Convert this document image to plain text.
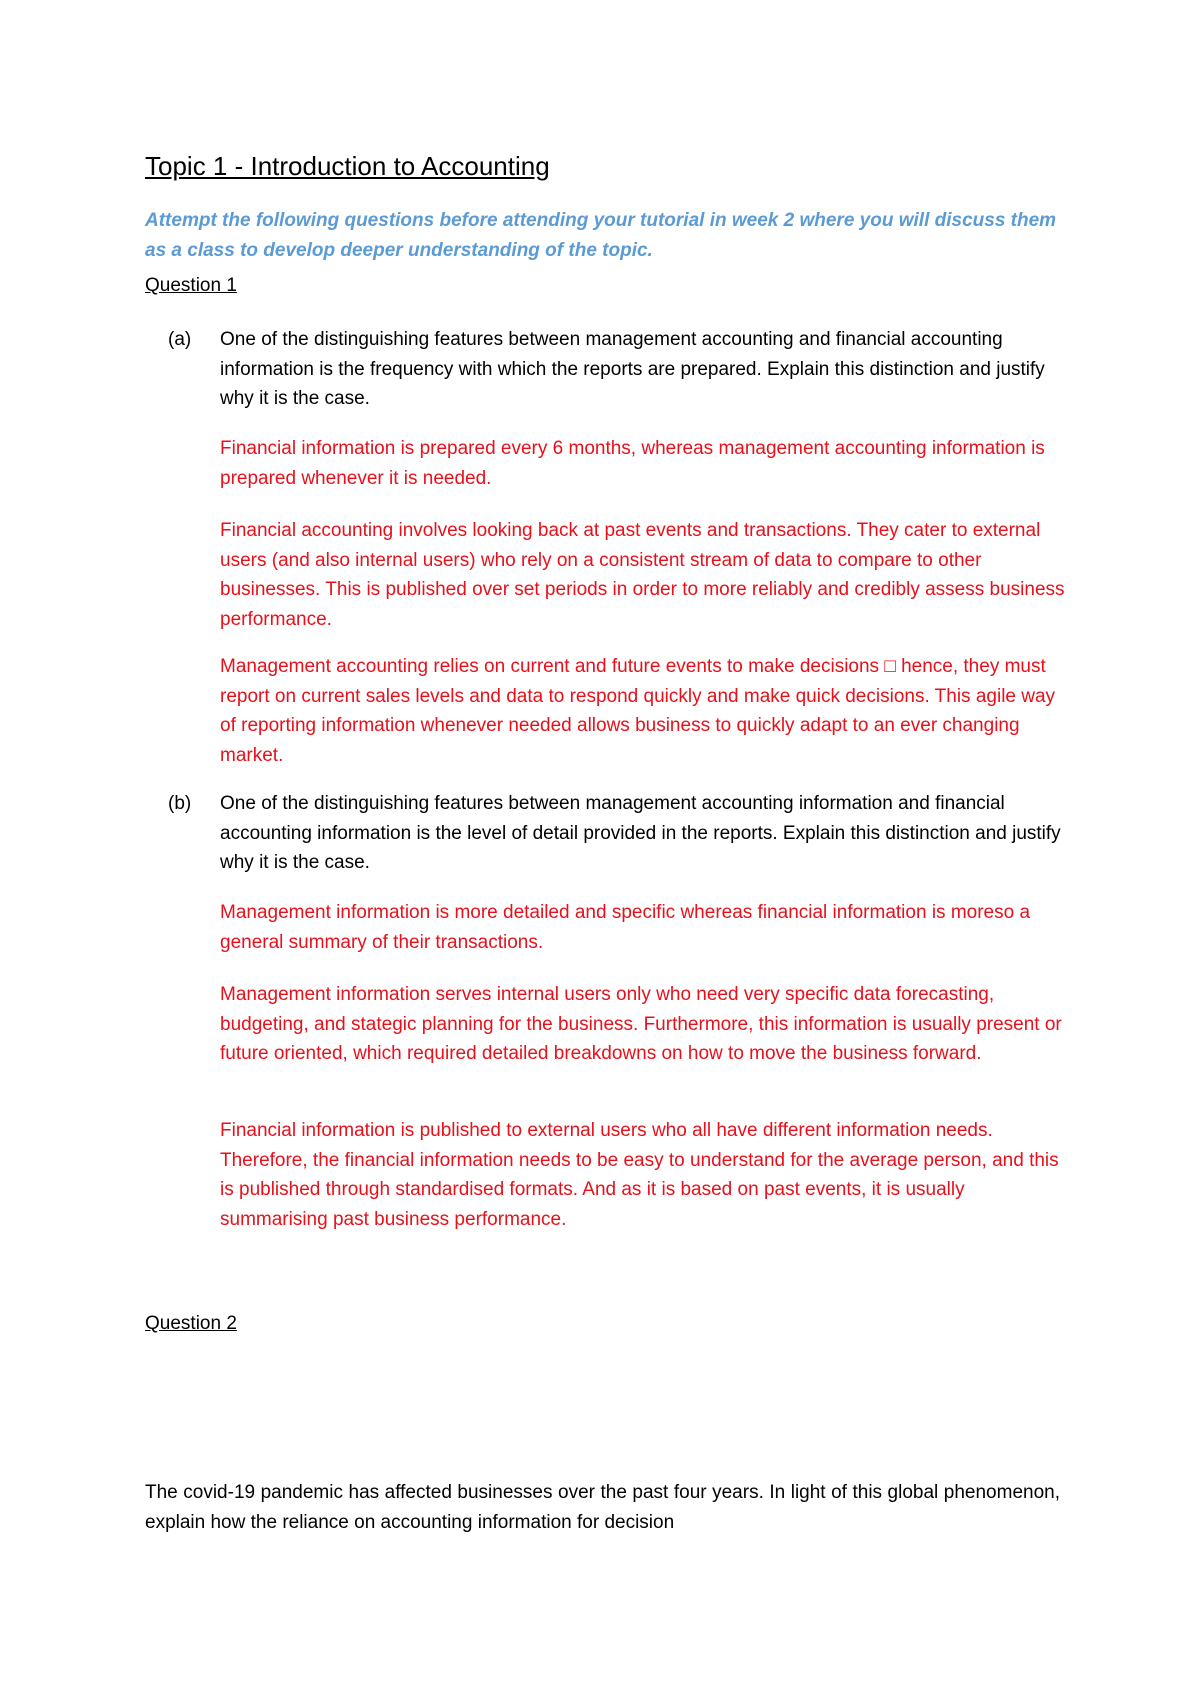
Topic 1 - Introduction to Accounting

Attempt the following questions before attending your tutorial in week 2 where you will discuss them as a class to develop deeper understanding of the topic.

Question 1

(a) One of the distinguishing features between management accounting and financial accounting information is the frequency with which the reports are prepared. Explain this distinction and justify why it is the case.

Financial information is prepared every 6 months, whereas management accounting information is prepared whenever it is needed.

Financial accounting involves looking back at past events and transactions. They cater to external users (and also internal users) who rely on a consistent stream of data to compare to other businesses. This is published over set periods in order to more reliably and credibly assess business performance.

Management accounting relies on current and future events to make decisions □ hence, they must report on current sales levels and data to respond quickly and make quick decisions. This agile way of reporting information whenever needed allows business to quickly adapt to an ever changing market.

(b) One of the distinguishing features between management accounting information and financial accounting information is the level of detail provided in the reports. Explain this distinction and justify why it is the case.

Management information is more detailed and specific whereas financial information is moreso a general summary of their transactions.

Management information serves internal users only who need very specific data forecasting, budgeting, and stategic planning for the business. Furthermore, this information is usually present or future oriented, which required detailed breakdowns on how to move the business forward.

Financial information is published to external users who all have different information needs. Therefore, the financial information needs to be easy to understand for the average person, and this is published through standardised formats. And as it is based on past events, it is usually summarising past business performance.

Question 2

The covid-19 pandemic has affected businesses over the past four years. In light of this global phenomenon, explain how the reliance on accounting information for decision
